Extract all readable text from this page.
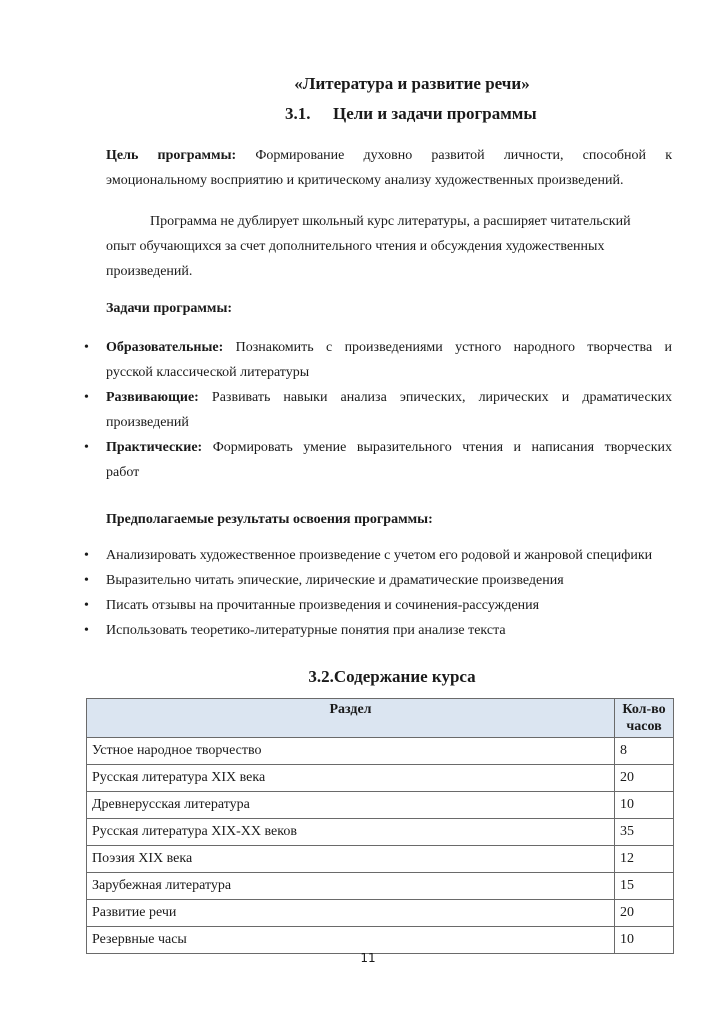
«Литература и развитие речи»
3.1. Цели и задачи программы
Цель программы: Формирование духовно развитой личности, способной к
эмоциональному восприятию и критическому анализу художественных произведений.
Программа не дублирует школьный курс литературы, а расширяет читательский
опыт обучающихся за счет дополнительного чтения и обсуждения художественных
произведений.
Задачи программы:
• Образовательные: Познакомить с произведениями устного народного творчества и
русской классической литературы
• Развивающие: Развивать навыки анализа эпических, лирических и драматических
произведений
• Практические: Формировать умение выразительного чтения и написания творческих
работ
Предполагаемые результаты освоения программы:
• Анализировать художественное произведение с учетом его родовой и жанровой специфики
• Выразительно читать эпические, лирические и драматические произведения
• Писать отзывы на прочитанные произведения и сочинения-рассуждения
• Использовать теоретико-литературные понятия при анализе текста
3.2.Содержание курса
Раздел	Кол-во часов
Устное народное творчество	8
Русская литература XIX века	20
Древнерусская литература	10
Русская литература XIX-XX веков	35
Поэзия XIX века	12
Зарубежная литература	15
Развитие речи	20
Резервные часы	10
11
